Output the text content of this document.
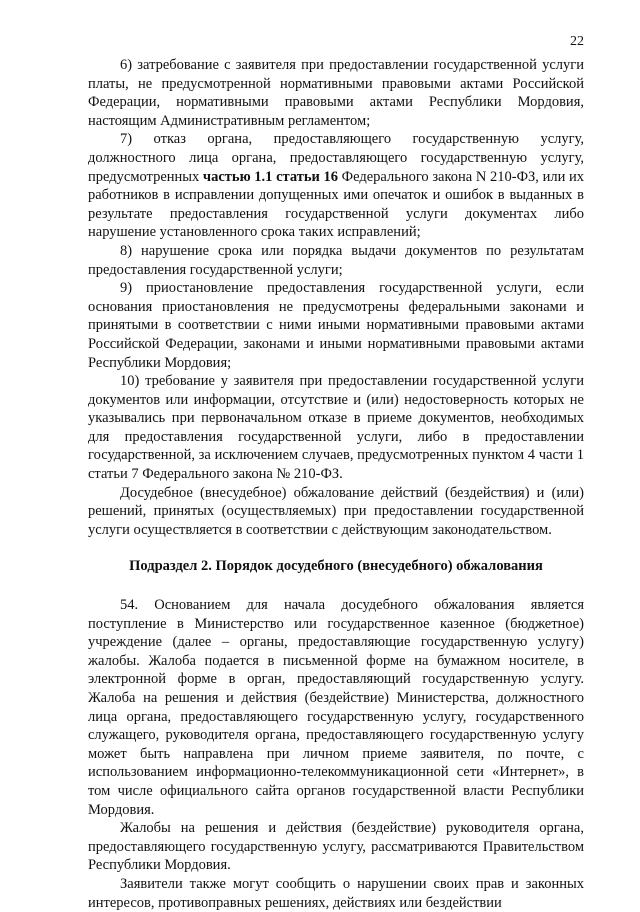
22

6) затребование с заявителя при предоставлении государственной услуги платы, не предусмотренной нормативными правовыми актами Российской Федерации, нормативными правовыми актами Республики Мордовия, настоящим Административным регламентом;

7) отказ органа, предоставляющего государственную услугу, должностного лица органа, предоставляющего государственную услугу, предусмотренных частью 1.1 статьи 16 Федерального закона N 210-ФЗ, или их работников в исправлении допущенных ими опечаток и ошибок в выданных в результате предоставления государственной услуги документах либо нарушение установленного срока таких исправлений;

8) нарушение срока или порядка выдачи документов по результатам предоставления государственной услуги;

9) приостановление предоставления государственной услуги, если основания приостановления не предусмотрены федеральными законами и принятыми в соответствии с ними иными нормативными правовыми актами Российской Федерации, законами и иными нормативными правовыми актами Республики Мордовия;

10) требование у заявителя при предоставлении государственной услуги документов или информации, отсутствие и (или) недостоверность которых не указывались при первоначальном отказе в приеме документов, необходимых для предоставления государственной услуги, либо в предоставлении государственной, за исключением случаев, предусмотренных пунктом 4 части 1 статьи 7 Федерального закона № 210-ФЗ.

Досудебное (внесудебное) обжалование действий (бездействия) и (или) решений, принятых (осуществляемых) при предоставлении государственной услуги осуществляется в соответствии с действующим законодательством.

Подраздел 2. Порядок досудебного (внесудебного) обжалования

54. Основанием для начала досудебного обжалования является поступление в Министерство или государственное казенное (бюджетное) учреждение (далее – органы, предоставляющие государственную услугу) жалобы. Жалоба подается в письменной форме на бумажном носителе, в электронной форме в орган, предоставляющий государственную услугу. Жалоба на решения и действия (бездействие) Министерства, должностного лица органа, предоставляющего государственную услугу, государственного служащего, руководителя органа, предоставляющего государственную услугу может быть направлена при личном приеме заявителя, по почте, с использованием информационно-телекоммуникационной сети «Интернет», в том числе официального сайта органов государственной власти Республики Мордовия.

Жалобы на решения и действия (бездействие) руководителя органа, предоставляющего государственную услугу, рассматриваются Правительством Республики Мордовия.

Заявители также могут сообщить о нарушении своих прав и законных интересов, противоправных решениях, действиях или бездействии
